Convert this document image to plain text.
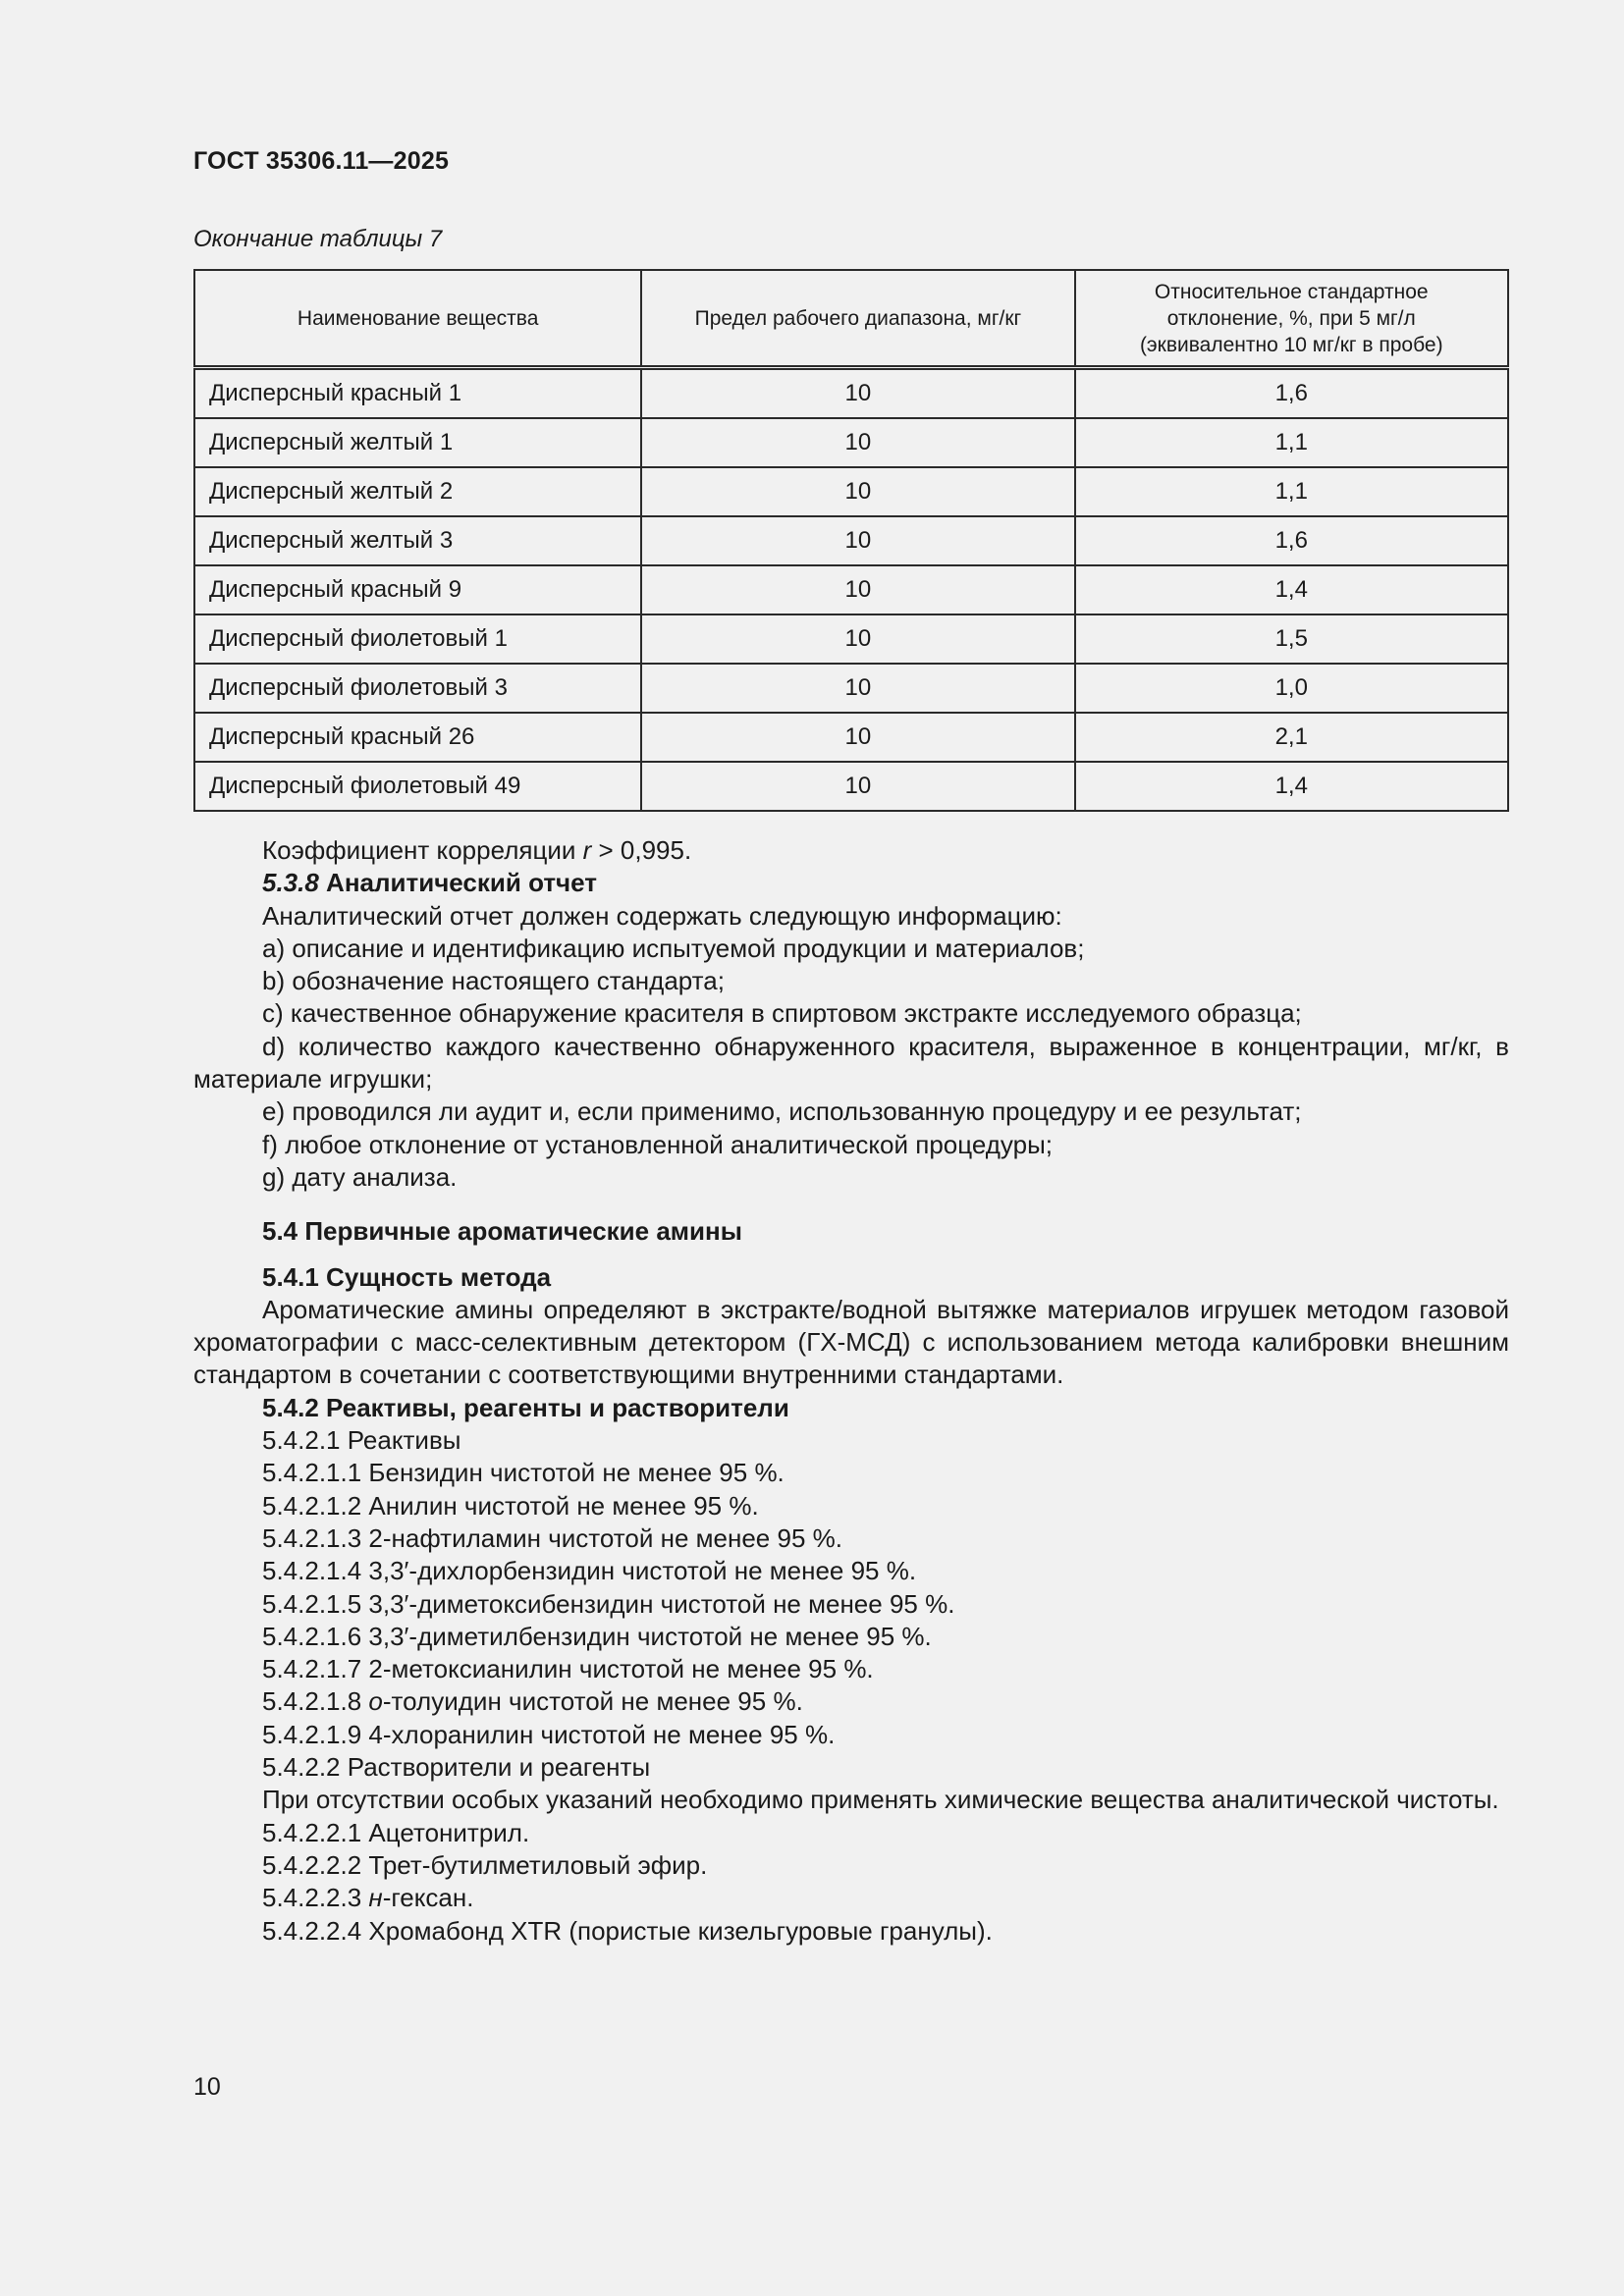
ГОСТ 35306.11—2025
Окончание таблицы 7
Наименование вещества	Предел рабочего диапазона, мг/кг	Относительное стандартное отклонение, %, при 5 мг/л (эквивалентно 10 мг/кг в пробе)
Дисперсный красный 1	10	1,6
Дисперсный желтый 1	10	1,1
Дисперсный желтый 2	10	1,1
Дисперсный желтый 3	10	1,6
Дисперсный красный 9	10	1,4
Дисперсный фиолетовый 1	10	1,5
Дисперсный фиолетовый 3	10	1,0
Дисперсный красный 26	10	2,1
Дисперсный фиолетовый 49	10	1,4

Коэффициент корреляции r > 0,995.

5.3.8 Аналитический отчет

Аналитический отчет должен содержать следующую информацию:

a) описание и идентификацию испытуемой продукции и материалов;

b) обозначение настоящего стандарта;

c) качественное обнаружение красителя в спиртовом экстракте исследуемого образца;

d) количество каждого качественно обнаруженного красителя, выраженное в концентрации, мг/кг, в материале игрушки;

e) проводился ли аудит и, если применимо, использованную процедуру и ее результат;

f) любое отклонение от установленной аналитической процедуры;

g) дату анализа.

5.4 Первичные ароматические амины

5.4.1 Сущность метода

Ароматические амины определяют в экстракте/водной вытяжке материалов игрушек методом газовой хроматографии с масс-селективным детектором (ГХ-МСД) с использованием метода калибровки внешним стандартом в сочетании с соответствующими внутренними стандартами.

5.4.2 Реактивы, реагенты и растворители

5.4.2.1 Реактивы

5.4.2.1.1 Бензидин чистотой не менее 95 %.

5.4.2.1.2 Анилин чистотой не менее 95 %.

5.4.2.1.3 2-нафтиламин чистотой не менее 95 %.

5.4.2.1.4 3,3′-дихлорбензидин чистотой не менее 95 %.

5.4.2.1.5 3,3′-диметоксибензидин чистотой не менее 95 %.

5.4.2.1.6 3,3′-диметилбензидин чистотой не менее 95 %.

5.4.2.1.7 2-метоксианилин чистотой не менее 95 %.

5.4.2.1.8 о-толуидин чистотой не менее 95 %.

5.4.2.1.9 4-хлоранилин чистотой не менее 95 %.

5.4.2.2 Растворители и реагенты

При отсутствии особых указаний необходимо применять химические вещества аналитической чистоты.

5.4.2.2.1 Ацетонитрил.

5.4.2.2.2 Трет-бутилметиловый эфир.

5.4.2.2.3 н-гексан.

5.4.2.2.4 Хромабонд XTR (пористые кизельгуровые гранулы).

10
